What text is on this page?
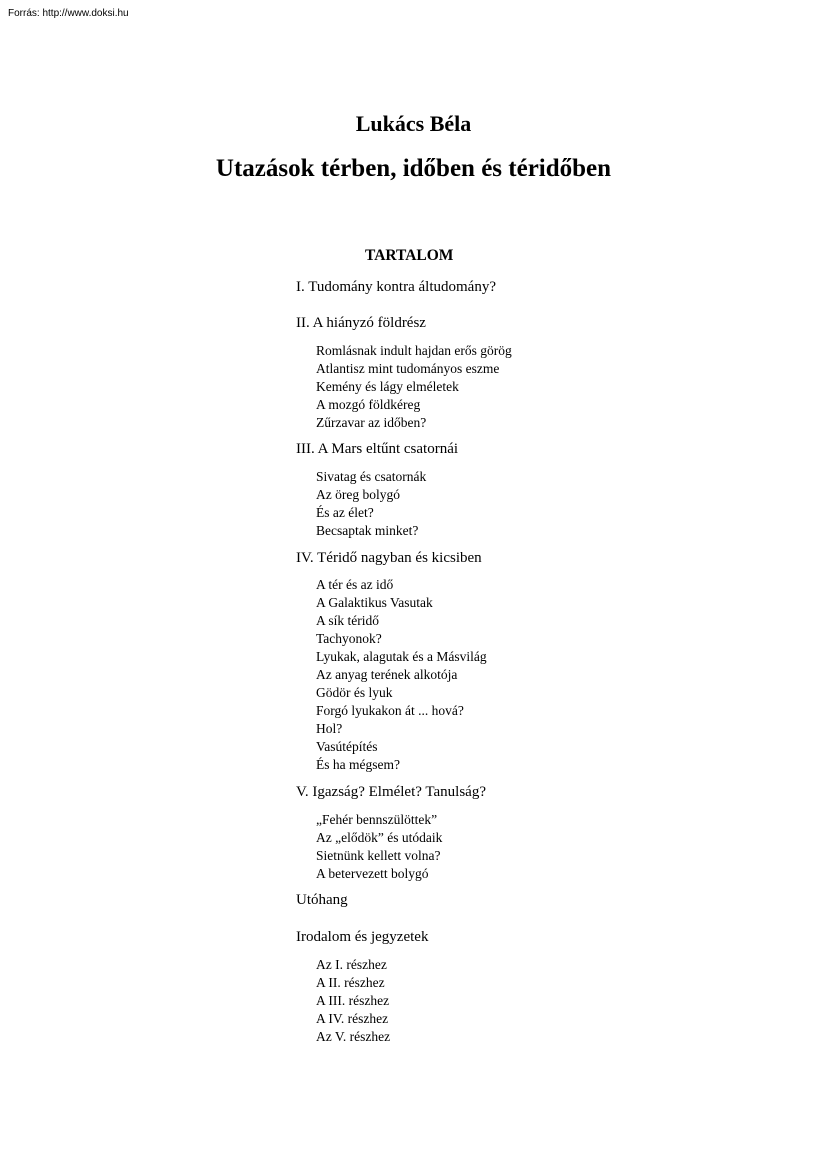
Forrás: http://www.doksi.hu
Lukács Béla
Utazások térben, időben és téridőben
TARTALOM
I. Tudomány kontra áltudomány?
II. A hiányzó földrész
Romlásnak indult hajdan erős görög
Atlantisz mint tudományos eszme
Kemény és lágy elméletek
A mozgó földkéreg
Zűrzavar az időben?
III. A Mars eltűnt csatornái
Sivatag és csatornák
Az öreg bolygó
És az élet?
Becsaptak minket?
IV. Téridő nagyban és kicsiben
A tér és az idő
A Galaktikus Vasutak
A sík téridő
Tachyonok?
Lyukak, alagutak és a Másvilág
Az anyag terének alkotója
Gödör és lyuk
Forgó lyukakon át ... hová?
Hol?
Vasútépítés
És ha mégsem?
V. Igazság? Elmélet? Tanulság?
„Fehér bennszülöttek”
Az „elődök” és utódaik
Sietnünk kellett volna?
A betervezett bolygó
Utóhang
Irodalom és jegyzetek
Az I. részhez
A II. részhez
A III. részhez
A IV. részhez
Az V. részhez
